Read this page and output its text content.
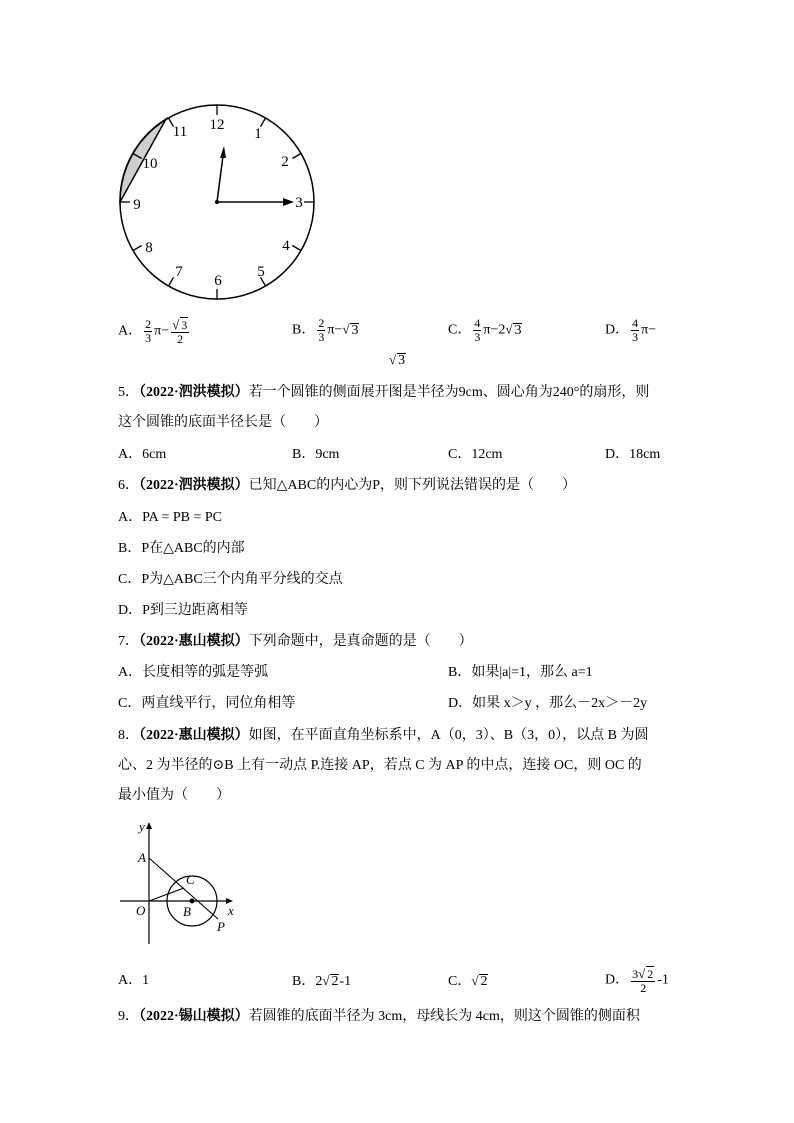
12
1
2
3
4
5
6
7
8
9
10
11
A． $\frac{2}{3} \pi- \frac{√ 3}{2}$	B． $\frac{2}{3} \pi-√$ 3	C． $\frac{4}{3} \pi-2√$ 3	D． $\frac{4}{3} \pi-$
√ 3
5．（2022·泗洪模拟）若一个圆锥的侧面展开图是半径为9cm、圆心角为240°的扇形，则
这个圆锥的底面半径长是（　　）
A．6cm	B．9cm	C．12cm	D．18cm
6．（2022·泗洪模拟）已知△ABC的内心为P，则下列说法错误的是（　　）
A．PA = PB = PC
B．P在△ABC的内部
C．P为△ABC三个内角平分线的交点
D．P到三边距离相等
7．（2022·惠山模拟）下列命题中，是真命题的是（　　）
A．长度相等的弧是等弧	B．如果|a|=1，那么 a=1
C．两直线平行，同位角相等	D．如果 x＞y ，那么－2x＞－2y
8．（2022·惠山模拟）如图，在平面直角坐标系中，A（0，3）、B（3，0），以点 B 为圆
心、2 为半径的⊙B 上有一动点 P.连接 AP，若点 C 为 AP 的中点，连接 OC，则 OC 的
最小值为（　　）
y
x
A
C
O	B
P
A．1	B．2√ 2-1	C．√ 2	D． $\frac{3√ 2}{2} -1$
9．（2022·锡山模拟）若圆锥的底面半径为 3cm，母线长为 4cm，则这个圆锥的侧面积
